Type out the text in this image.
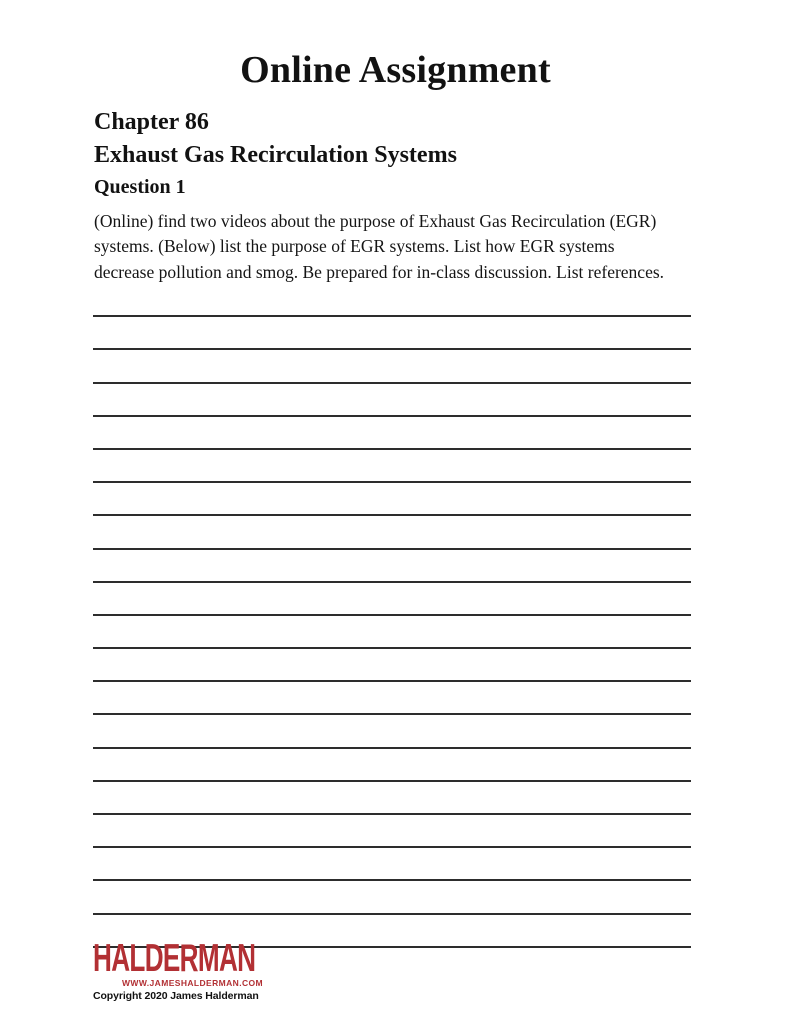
Online Assignment
Chapter 86
Exhaust Gas Recirculation Systems
Question 1
(Online) find two videos about the purpose of Exhaust Gas Recirculation (EGR)
systems. (Below) list the purpose of EGR systems. List how EGR systems
decrease pollution and smog. Be prepared for in-class discussion. List references.
HALDERMAN
WWW.JAMESHALDERMAN.COM
Copyright 2020 James Halderman
